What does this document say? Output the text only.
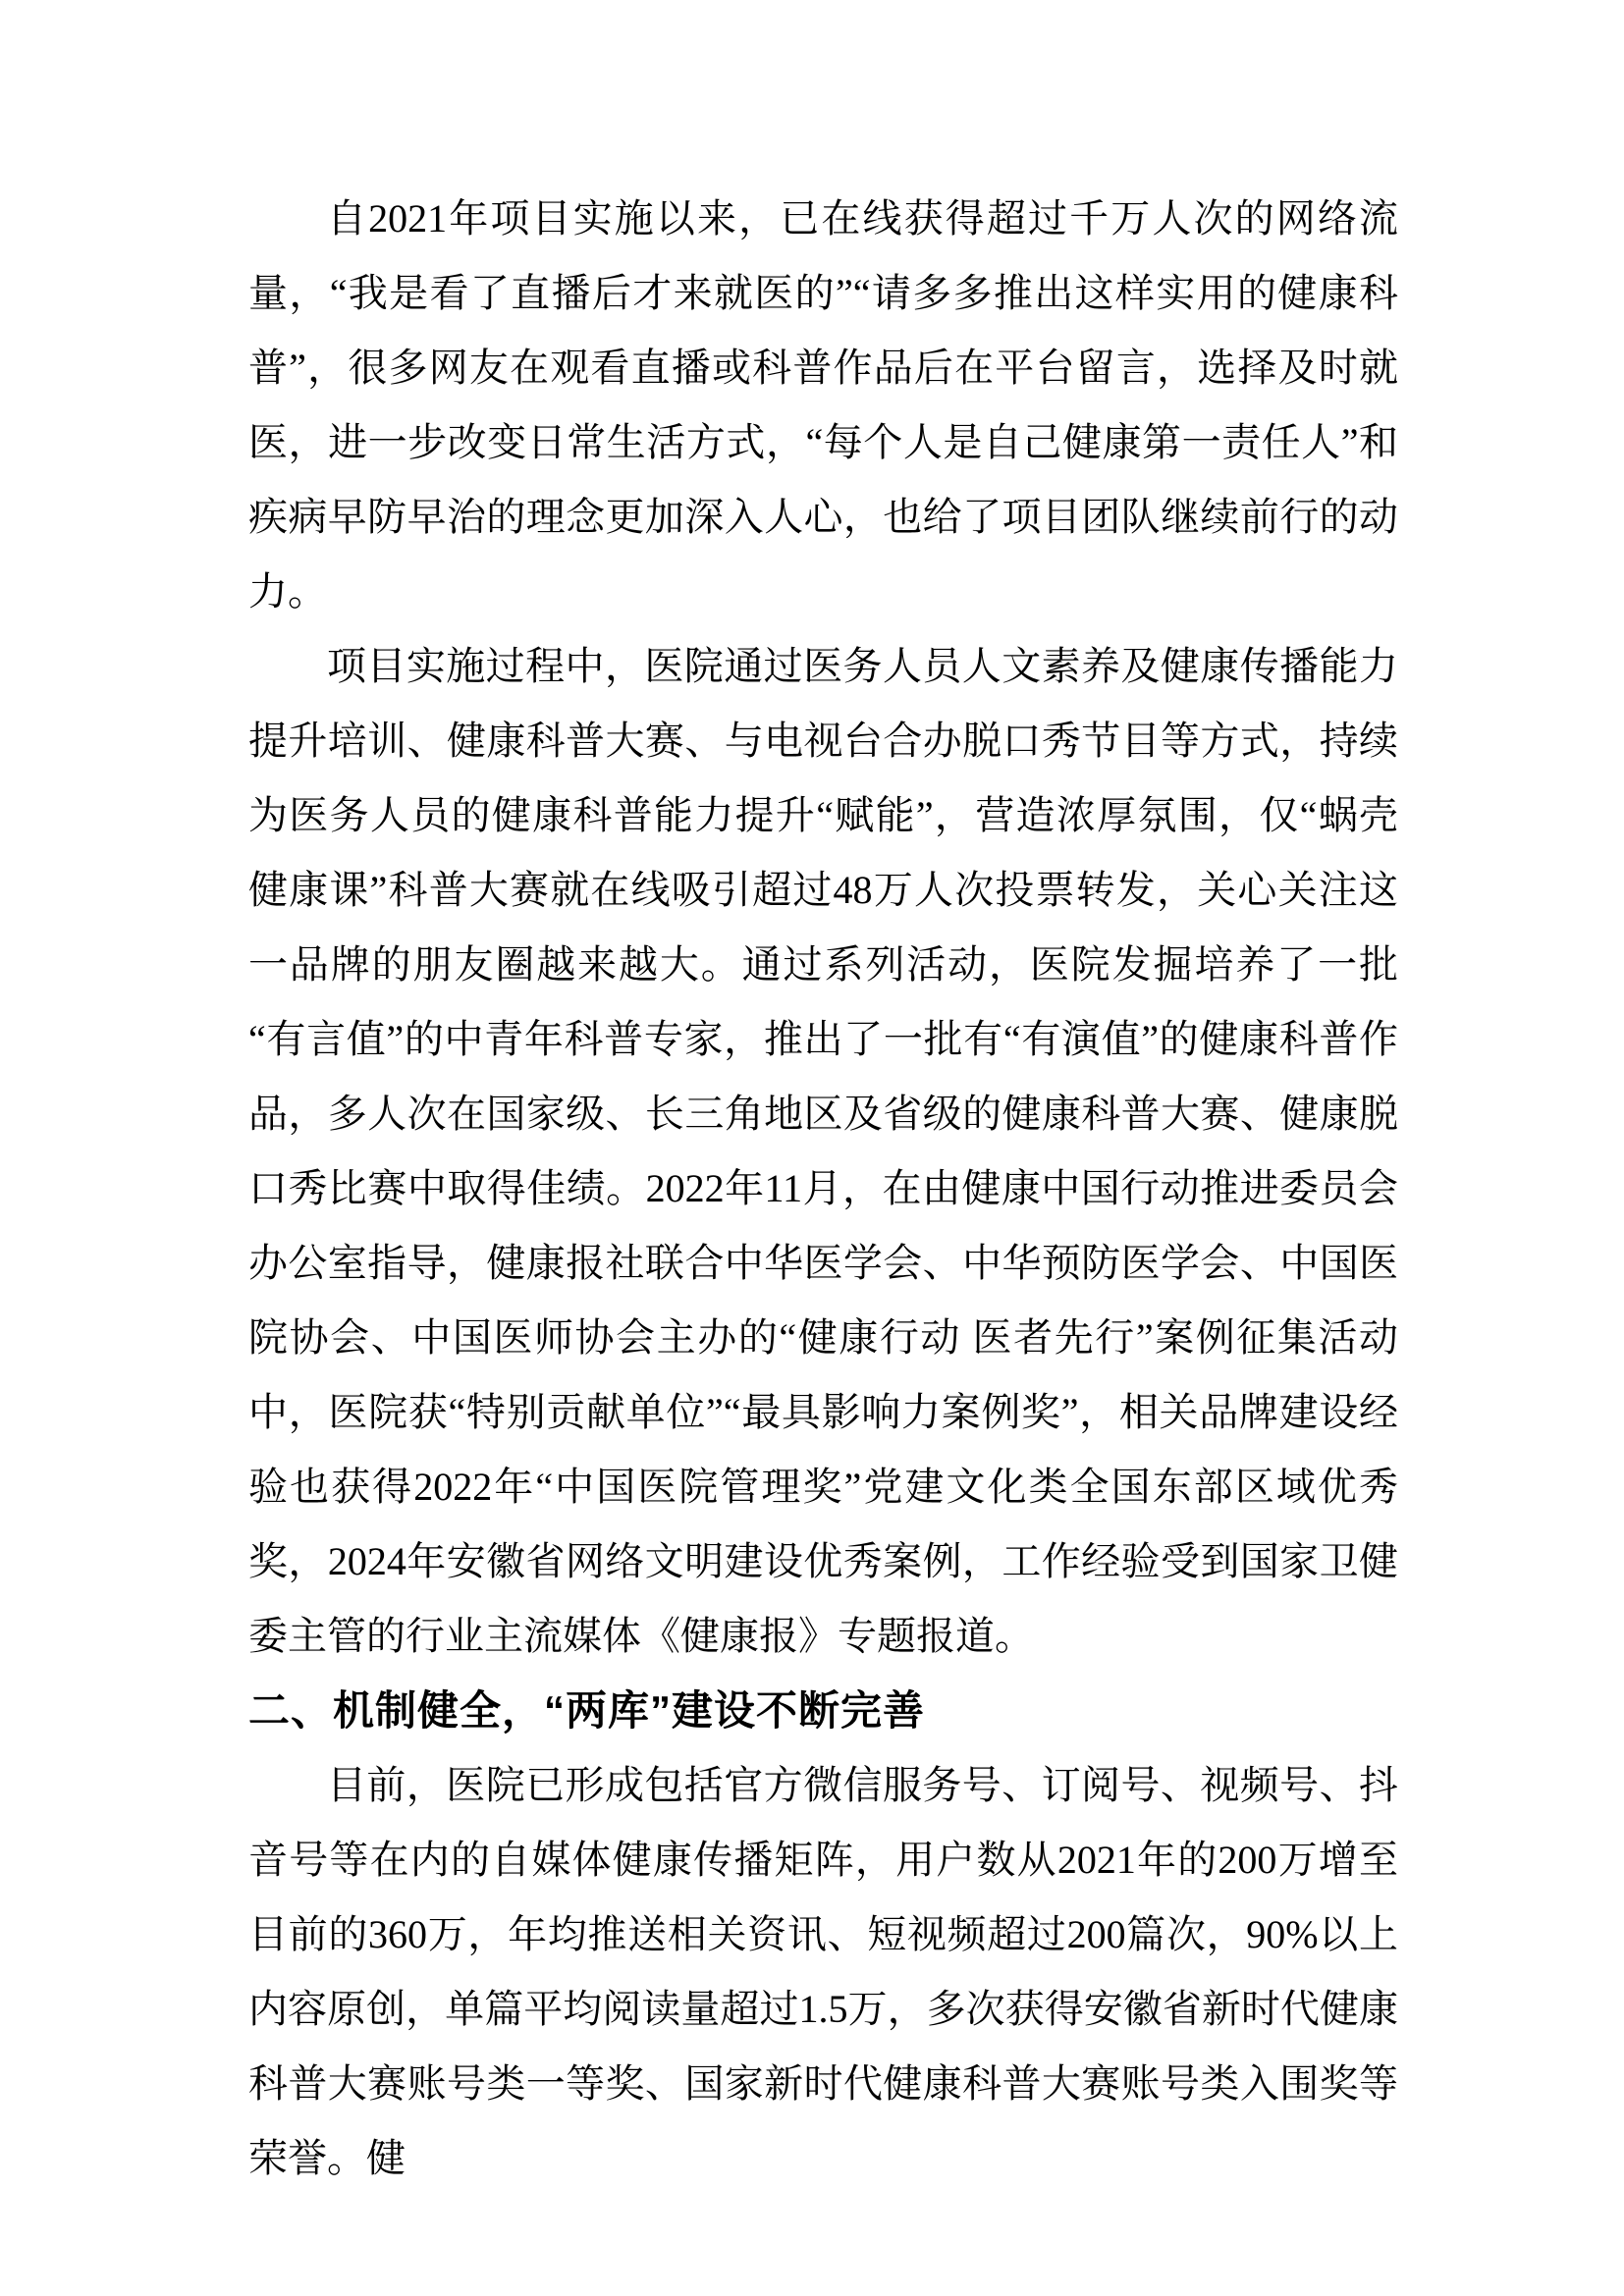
自2021年项目实施以来，已在线获得超过千万人次的网络流量，“我是看了直播后才来就医的”“请多多推出这样实用的健康科普”，很多网友在观看直播或科普作品后在平台留言，选择及时就医，进一步改变日常生活方式，“每个人是自己健康第一责任人”和疾病早防早治的理念更加深入人心，也给了项目团队继续前行的动力。

项目实施过程中，医院通过医务人员人文素养及健康传播能力提升培训、健康科普大赛、与电视台合办脱口秀节目等方式，持续为医务人员的健康科普能力提升“赋能”，营造浓厚氛围，仅“蜗壳健康课”科普大赛就在线吸引超过48万人次投票转发，关心关注这一品牌的朋友圈越来越大。通过系列活动，医院发掘培养了一批“有言值”的中青年科普专家，推出了一批有“有演值”的健康科普作品，多人次在国家级、长三角地区及省级的健康科普大赛、健康脱口秀比赛中取得佳绩。2022年11月，在由健康中国行动推进委员会办公室指导，健康报社联合中华医学会、中华预防医学会、中国医院协会、中国医师协会主办的“健康行动 医者先行”案例征集活动中，医院获“特别贡献单位”“最具影响力案例奖”，相关品牌建设经验也获得2022年“中国医院管理奖”党建文化类全国东部区域优秀奖，2024年安徽省网络文明建设优秀案例，工作经验受到国家卫健委主管的行业主流媒体《健康报》专题报道。

二、机制健全，“两库”建设不断完善

目前，医院已形成包括官方微信服务号、订阅号、视频号、抖音号等在内的自媒体健康传播矩阵，用户数从2021年的200万增至目前的360万，年均推送相关资讯、短视频超过200篇次，90%以上内容原创，单篇平均阅读量超过1.5万，多次获得安徽省新时代健康科普大赛账号类一等奖、国家新时代健康科普大赛账号类入围奖等荣誉。健
